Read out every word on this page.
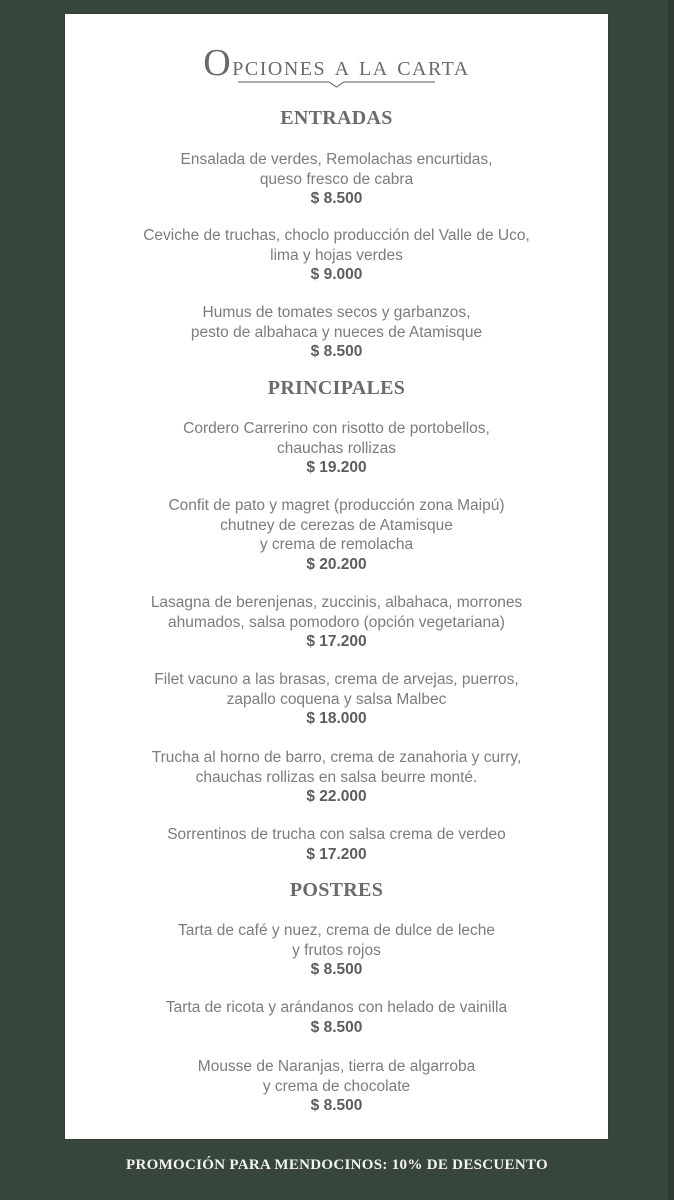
Opciones a la carta
ENTRADAS
Ensalada de verdes, Remolachas encurtidas,
queso fresco de cabra
$ 8.500
Ceviche de truchas, choclo producción del Valle de Uco,
lima y hojas verdes
$ 9.000
Humus de tomates secos y garbanzos,
pesto de albahaca y nueces de Atamisque
$ 8.500
PRINCIPALES
Cordero Carrerino con risotto de portobellos,
chauchas rollizas
$ 19.200
Confit de pato y magret (producción zona Maipú)
chutney de cerezas de Atamisque
y crema de remolacha
$ 20.200
Lasagna de berenjenas, zuccinis, albahaca, morrones
ahumados, salsa pomodoro (opción vegetariana)
$ 17.200
Filet vacuno a las brasas, crema de arvejas, puerros,
zapallo coquena y salsa Malbec
$ 18.000
Trucha al horno de barro, crema de zanahoria y curry,
chauchas rollizas en salsa beurre monté.
$ 22.000
Sorrentinos de trucha con salsa crema de verdeo
$ 17.200
POSTRES
Tarta de café y nuez, crema de dulce de leche
y frutos rojos
$ 8.500
Tarta de ricota y arándanos con helado de vainilla
$ 8.500
Mousse de Naranjas, tierra de algarroba
y crema de chocolate
$ 8.500
PROMOCIÓN PARA MENDOCINOS: 10% DE DESCUENTO
